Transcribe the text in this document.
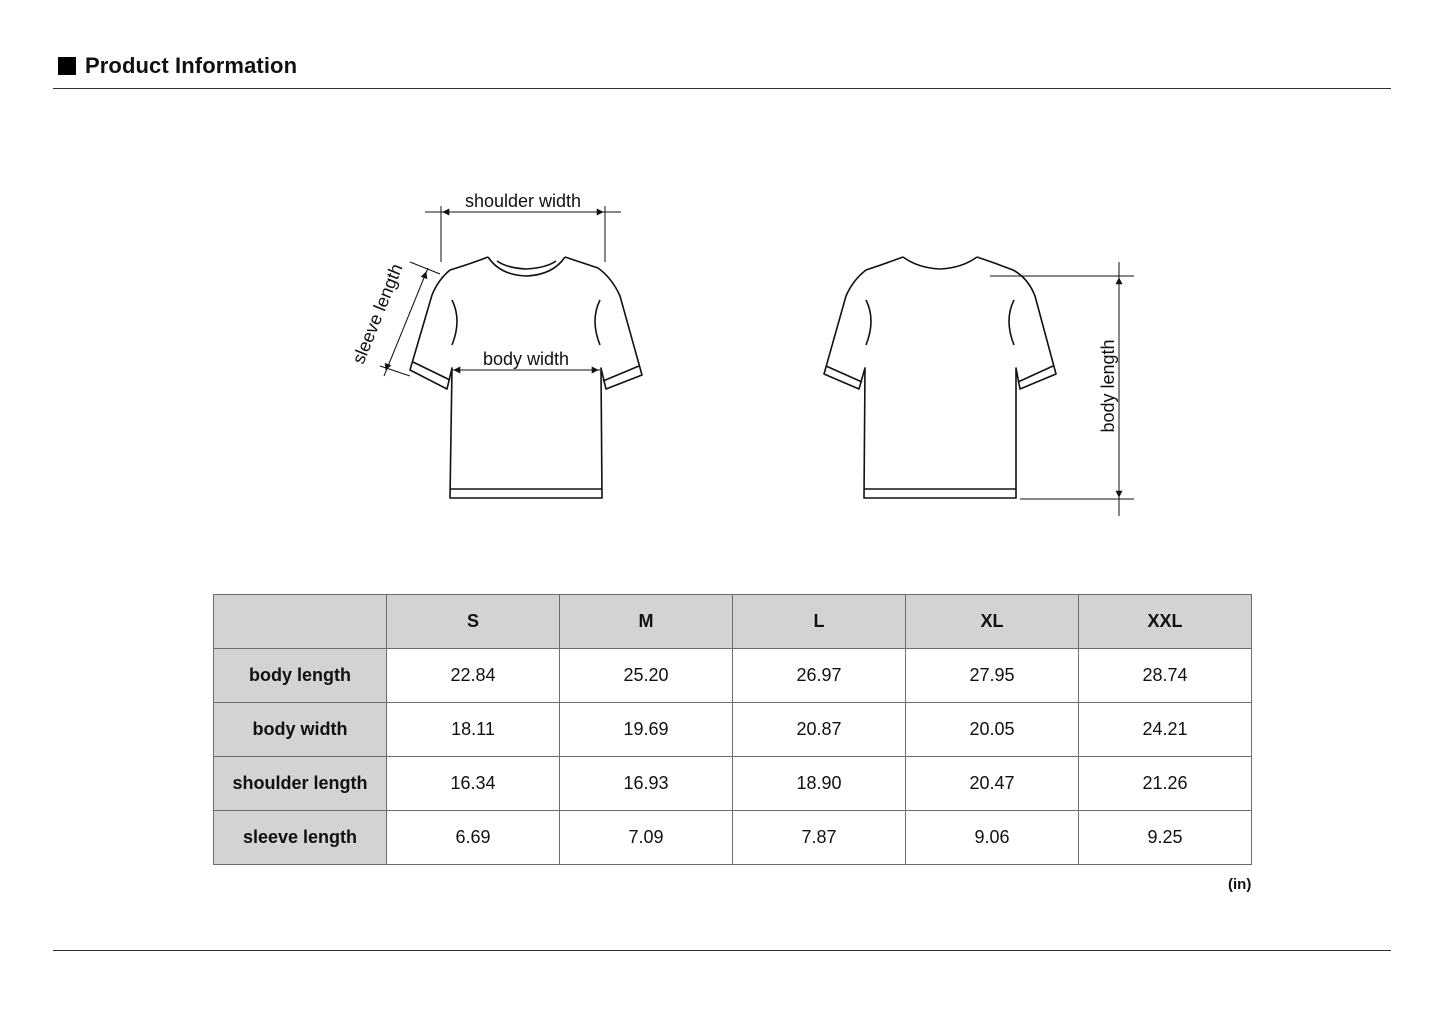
Product Information
shoulder width
sleeve length	body width	body length
	S	M	L	XL	XXL
body length	22.84	25.20	26.97	27.95	28.74
body width	18.11	19.69	20.87	20.05	24.21
shoulder length	16.34	16.93	18.90	20.47	21.26
sleeve length	6.69	7.09	7.87	9.06	9.25
(in)
